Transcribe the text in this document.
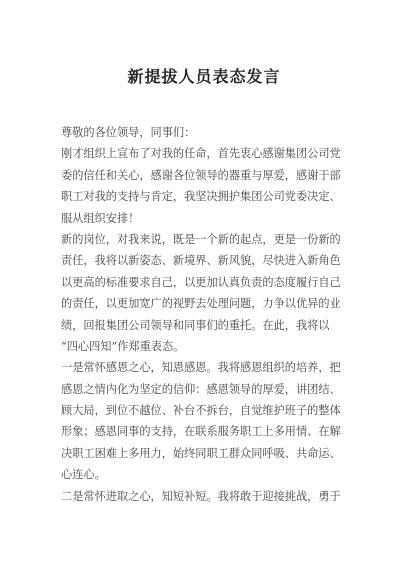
新提拔人员表态发言
尊敬的各位领导，同事们：
刚才组织上宣布了对我的任命，首先衷心感谢集团公司党
委的信任和关心，感谢各位领导的器重与厚爱，感谢于部
职工对我的支持与肯定，我坚决拥护集团公司党委决定、
服从组织安排！
新的岗位，对我来说，既是一个新的起点，更是一份新的
责任，我将以新姿态、新境界、新风貌，尽快进入新角色
以更高的标准要求自己，以更加认真负责的态度履行自己
的责任，以更加宽广的视野去处理问题，力争以优异的业
绩，回报集团公司领导和同事们的重托。在此，我将以
“四心四知”作郑重表态。
一是常怀感恩之心，知恩感恩。我将感恩组织的培养，把
感恩之情内化为坚定的信仰：感恩领导的厚爱，讲团结、
顾大局，到位不越位、补台不拆台，自觉维护班子的整体
形象；感恩同事的支持，在联系服务职工上多用情、在解
决职工困难上多用力，始终同职工群众同呼吸、共命运、
心连心。
二是常怀进取之心，知短补短。我将敢于迎接挑战，勇于
